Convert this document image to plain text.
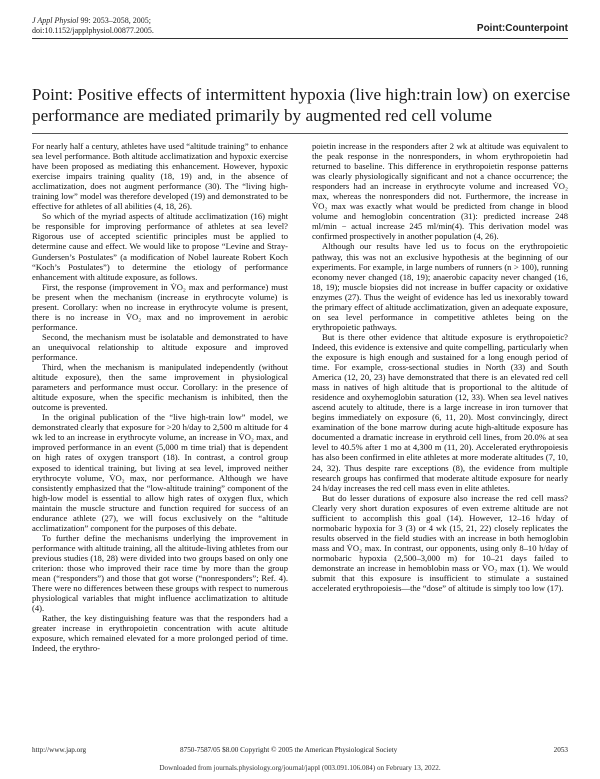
J Appl Physiol 99: 2053–2058, 2005;
doi:10.1152/japplphysiol.00877.2005.	Point:Counterpoint
Point: Positive effects of intermittent hypoxia (live high:train low) on exercise performance are mediated primarily by augmented red cell volume

For nearly half a century, athletes have used “altitude training” to enhance sea level performance. Both altitude acclimatization and hypoxic exercise have been proposed as mediating this enhancement. However, hypoxic exercise impairs training quality (18, 19) and, in the absence of acclimatization, does not augment performance (30). The “living high-training low” model was therefore developed (19) and demonstrated to be effective for athletes of all abilities (4, 18, 26).

So which of the myriad aspects of altitude acclimatization (16) might be responsible for improving performance of athletes at sea level? Rigorous use of accepted scientific principles must be applied to determine cause and effect. We would like to propose “Levine and Stray-Gundersen’s Postulates” (a modification of Nobel laureate Robert Koch “Koch’s Postulates”) to determine the etiology of performance enhancement with altitude exposure, as follows.

First, the response (improvement in V̇O₂ max and performance) must be present when the mechanism (increase in erythrocyte volume) is present. Corollary: when no increase in erythrocyte volume is present, there is no increase in V̇O₂ max and no improvement in aerobic performance.

Second, the mechanism must be isolatable and demonstrated to have an unequivocal relationship to altitude exposure and improved performance.

Third, when the mechanism is manipulated independently (without altitude exposure), then the same improvement in physiological parameters and performance must occur. Corollary: in the presence of altitude exposure, when the specific mechanism is inhibited, then the outcome is prevented.

In the original publication of the “live high-train low” model, we demonstrated clearly that exposure for >20 h/day to 2,500 m altitude for 4 wk led to an increase in erythrocyte volume, an increase in V̇O₂ max, and improved performance in an event (5,000 m time trial) that is dependent on high rates of oxygen transport (18). In contrast, a control group exposed to identical training, but living at sea level, improved neither erythrocyte volume, V̇O₂ max, nor performance. Although we have consistently emphasized that the “low-altitude training” component of the high-low model is essential to allow high rates of oxygen flux, which maintain the muscle structure and function required for success of an endurance athlete (27), we will focus exclusively on the “altitude acclimatization” component for the purposes of this debate.

To further define the mechanisms underlying the improvement in performance with altitude training, all the altitude-living athletes from our previous studies (18, 28) were divided into two groups based on only one criterion: those who improved their race time by more than the group mean (“responders”) and those that got worse (“nonresponders”; Ref. 4). There were no differences between these groups with respect to numerous physiological variables that might influence acclimatization to altitude (4).

Rather, the key distinguishing feature was that the responders had a greater increase in erythropoietin concentration with acute altitude exposure, which remained elevated for a more prolonged period of time. Indeed, the erythro-

poietin increase in the responders after 2 wk at altitude was equivalent to the peak response in the nonresponders, in whom erythropoietin had returned to baseline. This difference in erythropoietin response patterns was clearly physiologically significant and not a chance occurrence; the responders had an increase in erythrocyte volume and increased V̇O₂ max, whereas the nonresponders did not. Furthermore, the increase in V̇O₂ max was exactly what would be predicted from change in blood volume and hemoglobin concentration (31): predicted increase 248 ml/min − actual increase 245 ml/min(4). This derivation model was confirmed prospectively in another population (4, 26).

Although our results have led us to focus on the erythropoietic pathway, this was not an exclusive hypothesis at the beginning of our experiments. For example, in large numbers of runners (n > 100), running economy never changed (18, 19); anaerobic capacity never changed (16, 18, 19); muscle biopsies did not increase in buffer capacity or oxidative enzymes (27). Thus the weight of evidence has led us inexorably toward the primary effect of altitude acclimatization, given an adequate exposure, on sea level performance in competitive athletes being on the erythropoietic pathways.

But is there other evidence that altitude exposure is erythropoietic? Indeed, this evidence is extensive and quite compelling, particularly when the exposure is high enough and sustained for a long enough period of time. For example, cross-sectional studies in North (33) and South America (12, 20, 23) have demonstrated that there is an elevated red cell mass in natives of high altitude that is proportional to the altitude of residence and oxyhemoglobin saturation (12, 33). When sea level natives ascend acutely to altitude, there is a large increase in iron turnover that begins immediately on exposure (6, 11, 20). Most convincingly, direct examination of the bone marrow during acute high-altitude exposure has documented a dramatic increase in erythroid cell lines, from 20.0% at sea level to 40.5% after 1 mo at 4,300 m (11, 20). Accelerated erythropoiesis has also been confirmed in elite athletes at more moderate altitudes (7, 10, 24, 32). Thus despite rare exceptions (8), the evidence from multiple research groups has confirmed that moderate altitude exposure for nearly 24 h/day increases the red cell mass even in elite athletes.

But do lesser durations of exposure also increase the red cell mass? Clearly very short duration exposures of even extreme altitude are not sufficient to accomplish this goal (14). However, 12–16 h/day of normobaric hypoxia for 3 (3) or 4 wk (15, 21, 22) closely replicates the results observed in the field studies with an increase in both hemoglobin mass and V̇O₂ max. In contrast, our opponents, using only 8–10 h/day of normobaric hypoxia (2,500–3,000 m) for 10–21 days failed to demonstrate an increase in hemoblobin mass or V̇O₂ max (1). We would submit that this exposure is insufficient to stimulate a sustained accelerated erythropoiesis—the “dose” of altitude is simply too low (17).

http://www.jap.org	8750-7587/05 $8.00 Copyright © 2005 the American Physiological Society	2053
Downloaded from journals.physiology.org/journal/jappl (003.091.106.084) on February 13, 2022.
